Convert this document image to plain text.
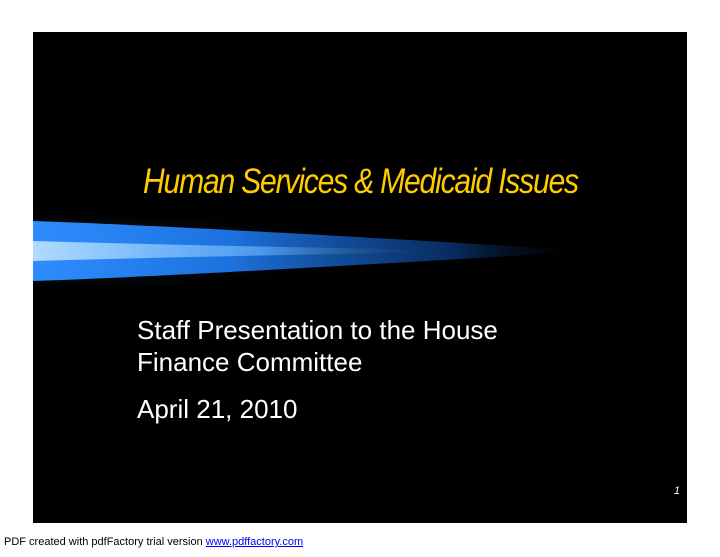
Human Services & Medicaid Issues
Staff Presentation to the House
Finance Committee
April 21, 2010
1
PDF created with pdfFactory trial version www.pdffactory.com
